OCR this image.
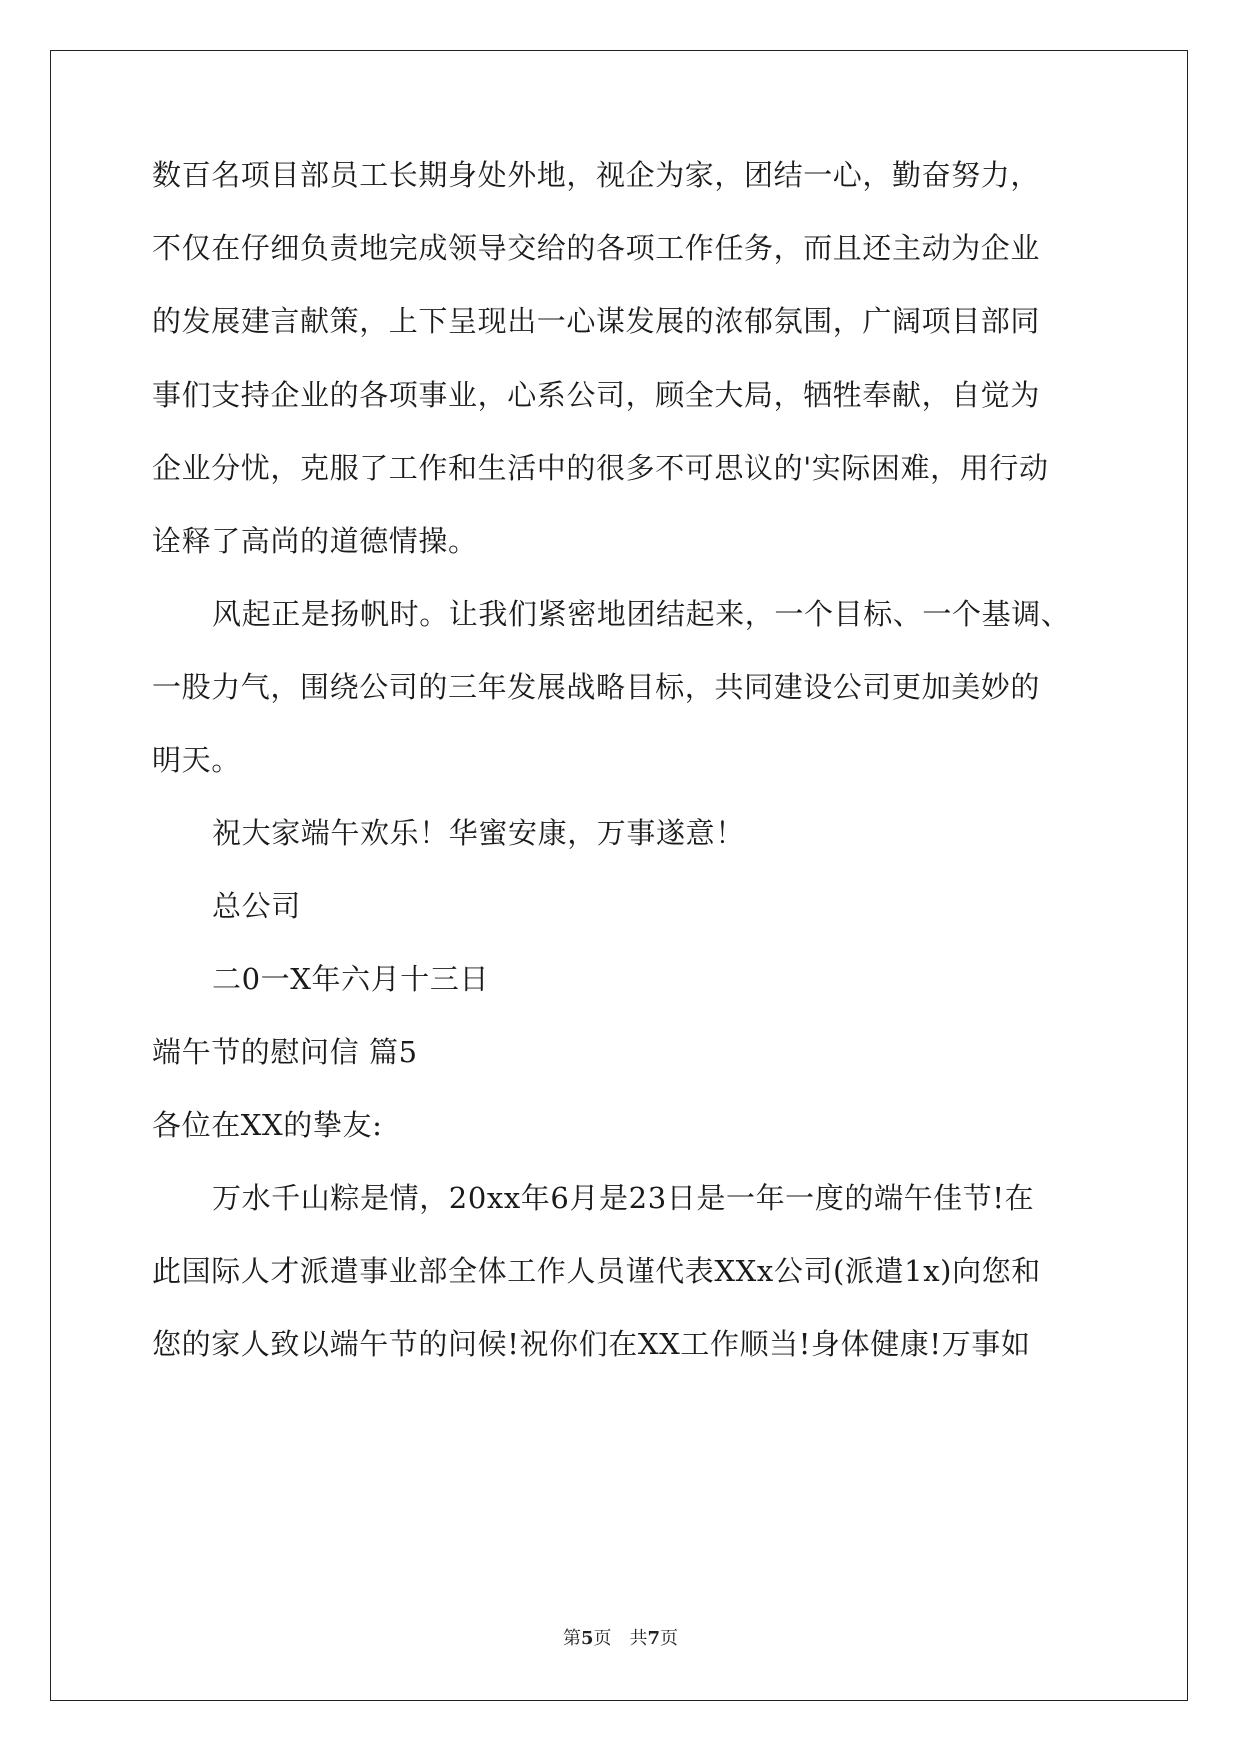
数百名项目部员工长期身处外地，视企为家，团结一心，勤奋努力，
不仅在仔细负责地完成领导交给的各项工作任务，而且还主动为企业
的发展建言献策，上下呈现出一心谋发展的浓郁氛围，广阔项目部同
事们支持企业的各项事业，心系公司，顾全大局，牺牲奉献，自觉为
企业分忧，克服了工作和生活中的很多不可思议的'实际困难，用行动
诠释了高尚的道德情操。
风起正是扬帆时。让我们紧密地团结起来，一个目标、一个基调、
一股力气，围绕公司的三年发展战略目标，共同建设公司更加美妙的
明天。
祝大家端午欢乐！华蜜安康，万事遂意！
总公司
二0一X年六月十三日
端午节的慰问信 篇5
各位在XX的挚友:
万水千山粽是情，20xx年6月是23日是一年一度的端午佳节!在
此国际人才派遣事业部全体工作人员谨代表XXx公司(派遣1x)向您和
您的家人致以端午节的问候!祝你们在XX工作顺当!身体健康!万事如
第5页　共7页
